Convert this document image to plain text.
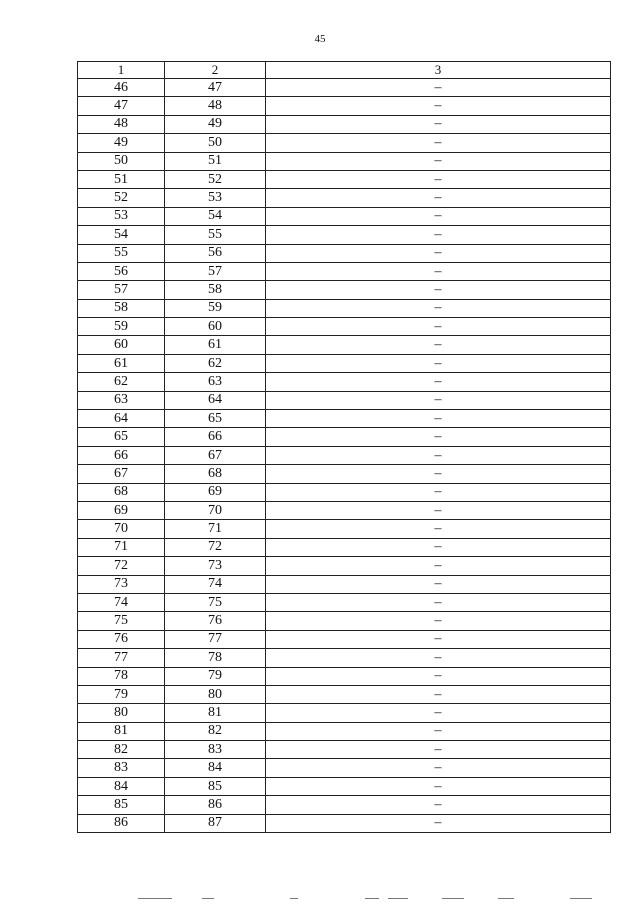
45
1	2	3
46	47	–
47	48	–
48	49	–
49	50	–
50	51	–
51	52	–
52	53	–
53	54	–
54	55	–
55	56	–
56	57	–
57	58	–
58	59	–
59	60	–
60	61	–
61	62	–
62	63	–
63	64	–
64	65	–
65	66	–
66	67	–
67	68	–
68	69	–
69	70	–
70	71	–
71	72	–
72	73	–
73	74	–
74	75	–
75	76	–
76	77	–
77	78	–
78	79	–
79	80	–
80	81	–
81	82	–
82	83	–
83	84	–
84	85	–
85	86	–
86	87	–
